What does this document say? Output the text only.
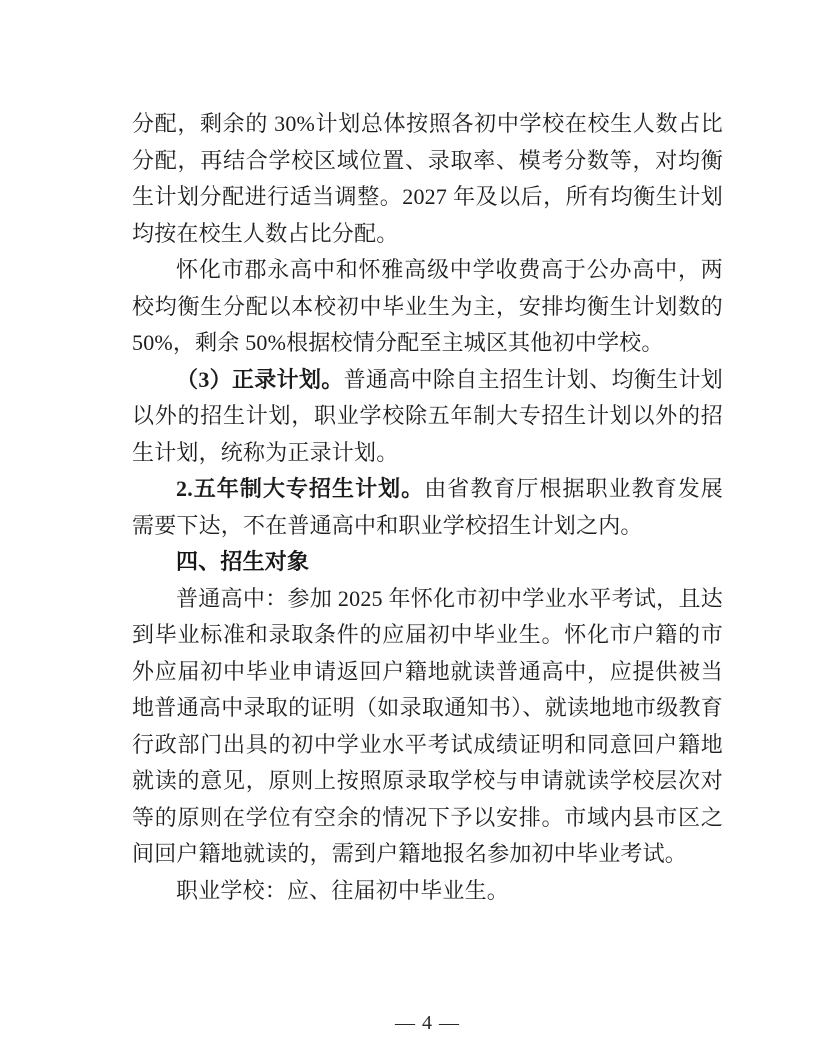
分配，剩余的 30%计划总体按照各初中学校在校生人数占比分配，再结合学校区域位置、录取率、模考分数等，对均衡生计划分配进行适当调整。2027 年及以后，所有均衡生计划均按在校生人数占比分配。

怀化市郡永高中和怀雅高级中学收费高于公办高中，两校均衡生分配以本校初中毕业生为主，安排均衡生计划数的 50%，剩余 50%根据校情分配至主城区其他初中学校。

（3）正录计划。普通高中除自主招生计划、均衡生计划以外的招生计划，职业学校除五年制大专招生计划以外的招生计划，统称为正录计划。

2.五年制大专招生计划。由省教育厅根据职业教育发展需要下达，不在普通高中和职业学校招生计划之内。

四、招生对象

普通高中：参加 2025 年怀化市初中学业水平考试，且达到毕业标准和录取条件的应届初中毕业生。怀化市户籍的市外应届初中毕业申请返回户籍地就读普通高中，应提供被当地普通高中录取的证明（如录取通知书）、就读地地市级教育行政部门出具的初中学业水平考试成绩证明和同意回户籍地就读的意见，原则上按照原录取学校与申请就读学校层次对等的原则在学位有空余的情况下予以安排。市域内县市区之间回户籍地就读的，需到户籍地报名参加初中毕业考试。

职业学校：应、往届初中毕业生。

— 4 —
